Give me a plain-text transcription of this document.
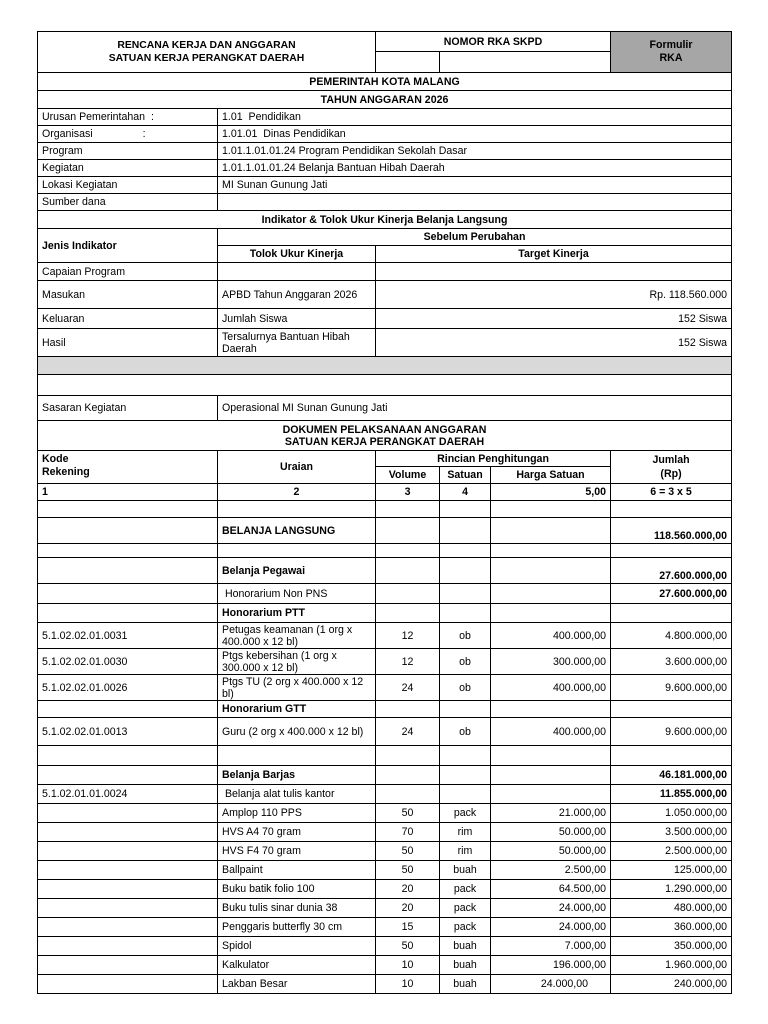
RENCANA KERJA DAN ANGGARAN
SATUAN KERJA PERANGKAT DAERAH		NOMOR RKA SKPD			Formulir
RKA

PEMERINTAH KOTA MALANG					
TAHUN ANGGARAN 2026					
Urusan Pemerintahan  :	1.01  Pendidikan				
Organisasi                 :	1.01.01  Dinas Pendidikan				
Program	1.01.1.01.01.24 Program Pendidikan Sekolah Dasar				
Kegiatan	1.01.1.01.01.24 Belanja Bantuan Hibah Daerah				
Lokasi Kegiatan	MI Sunan Gunung Jati				
Sumber dana					
Indikator & Tolok Ukur Kinerja Belanja Langsung					
Jenis Indikator	Sebelum Perubahan				
	Tolok Ukur Kinerja	Target Kinerja			
Capaian Program					
Masukan	APBD Tahun Anggaran 2026	Rp. 118.560.000			
Keluaran	Jumlah Siswa	152 Siswa			
Hasil	Tersalurnya Bantuan Hibah Daerah	152 Siswa			

Sasaran Kegiatan	Operasional MI Sunan Gunung Jati				
DOKUMEN PELAKSANAAN ANGGARAN
SATUAN KERJA PERANGKAT DAERAH					
Kode
Rekening	Uraian	Rincian Penghitungan			Jumlah
(Rp)
		Volume	Satuan	Harga Satuan	
1	2	3	4	5,00	6 = 3 x 5

	BELANJA LANGSUNG				118.560.000,00

	Belanja Pegawai				27.600.000,00
	Honorarium Non PNS				27.600.000,00
	Honorarium PTT				
5.1.02.02.01.0031	Petugas keamanan (1 org x 400.000 x 12 bl)	12	ob	400.000,00	4.800.000,00
5.1.02.02.01.0030	Ptgs kebersihan (1 org x 300.000 x 12 bl)	12	ob	300.000,00	3.600.000,00
5.1.02.02.01.0026	Ptgs TU (2 org x 400.000 x 12 bl)	24	ob	400.000,00	9.600.000,00
	Honorarium GTT				
5.1.02.02.01.0013	Guru (2 org x 400.000 x 12 bl)	24	ob	400.000,00	9.600.000,00

	Belanja Barjas				46.181.000,00
5.1.02.01.01.0024	Belanja alat tulis kantor				11.855.000,00
	Amplop 110 PPS	50	pack	21.000,00	1.050.000,00
	HVS A4 70 gram	70	rim	50.000,00	3.500.000,00
	HVS F4 70 gram	50	rim	50.000,00	2.500.000,00
	Ballpaint	50	buah	2.500,00	125.000,00
	Buku batik folio 100	20	pack	64.500,00	1.290.000,00
	Buku tulis sinar dunia 38	20	pack	24.000,00	480.000,00
	Penggaris butterfly 30 cm	15	pack	24.000,00	360.000,00
	Spidol	50	buah	7.000,00	350.000,00
	Kalkulator	10	buah	196.000,00	1.960.000,00
	Lakban Besar	10	buah	24.000,00	240.000,00
